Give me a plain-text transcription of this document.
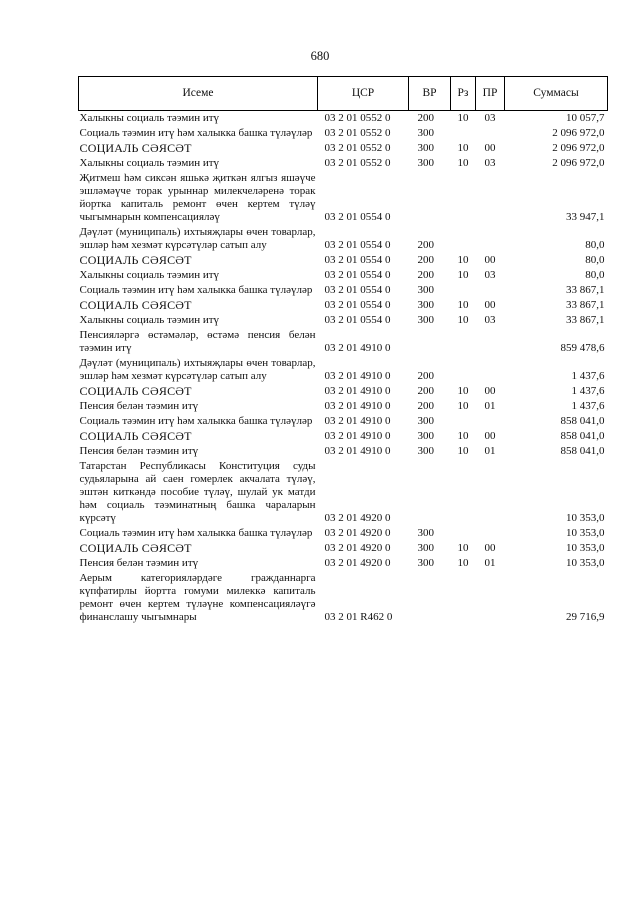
680
Исеме	ЦСР	ВР	Рз	ПР	Суммасы
Халыкны социаль тәэмин итү	03 2 01 0552 0	200	10	03	10 057,7
Социаль тәэмин итү һәм халыкка башка түләүләр	03 2 01 0552 0	300			2 096 972,0
СОЦИАЛЬ СӘЯСӘТ	03 2 01 0552 0	300	10	00	2 096 972,0
Халыкны социаль тәэмин итү	03 2 01 0552 0	300	10	03	2 096 972,0
Җитмеш һәм сиксән яшькә җиткән ялгыз яшәүче эшләмәүче торак урыннар милекчеләренә торак йортка капиталь ремонт өчен кертем түләү чыгымнарын компенсацияләү	03 2 01 0554 0				33 947,1
Дәүләт (муниципаль) ихтыяҗлары өчен товарлар, эшләр һәм хезмәт күрсәтүләр сатып алу	03 2 01 0554 0	200			80,0
СОЦИАЛЬ СӘЯСӘТ	03 2 01 0554 0	200	10	00	80,0
Халыкны социаль тәэмин итү	03 2 01 0554 0	200	10	03	80,0
Социаль тәэмин итү һәм халыкка башка түләүләр	03 2 01 0554 0	300			33 867,1
СОЦИАЛЬ СӘЯСӘТ	03 2 01 0554 0	300	10	00	33 867,1
Халыкны социаль тәэмин итү	03 2 01 0554 0	300	10	03	33 867,1
Пенсияләргә өстәмәләр, өстәмә пенсия белән тәэмин итү	03 2 01 4910 0				859 478,6
Дәүләт (муниципаль) ихтыяҗлары өчен товарлар, эшләр һәм хезмәт күрсәтүләр сатып алу	03 2 01 4910 0	200			1 437,6
СОЦИАЛЬ СӘЯСӘТ	03 2 01 4910 0	200	10	00	1 437,6
Пенсия белән тәэмин итү	03 2 01 4910 0	200	10	01	1 437,6
Социаль тәэмин итү һәм халыкка башка түләүләр	03 2 01 4910 0	300			858 041,0
СОЦИАЛЬ СӘЯСӘТ	03 2 01 4910 0	300	10	00	858 041,0
Пенсия белән тәэмин итү	03 2 01 4910 0	300	10	01	858 041,0
Татарстан Республикасы Конституция суды судьяларына ай саен гомерлек акчалата түләү, эштән киткәндә пособие түләү, шулай ук матди һәм социаль тәэминатның башка чараларын күрсәтү	03 2 01 4920 0				10 353,0
Социаль тәэмин итү һәм халыкка башка түләүләр	03 2 01 4920 0	300			10 353,0
СОЦИАЛЬ СӘЯСӘТ	03 2 01 4920 0	300	10	00	10 353,0
Пенсия белән тәэмин итү	03 2 01 4920 0	300	10	01	10 353,0
Аерым категорияләрдәге гражданнарга күпфатирлы йортта гомуми милеккә капиталь ремонт өчен кертем түләүне компенсацияләүгә финанслашу чыгымнары	03 2 01 R462 0				29 716,9
